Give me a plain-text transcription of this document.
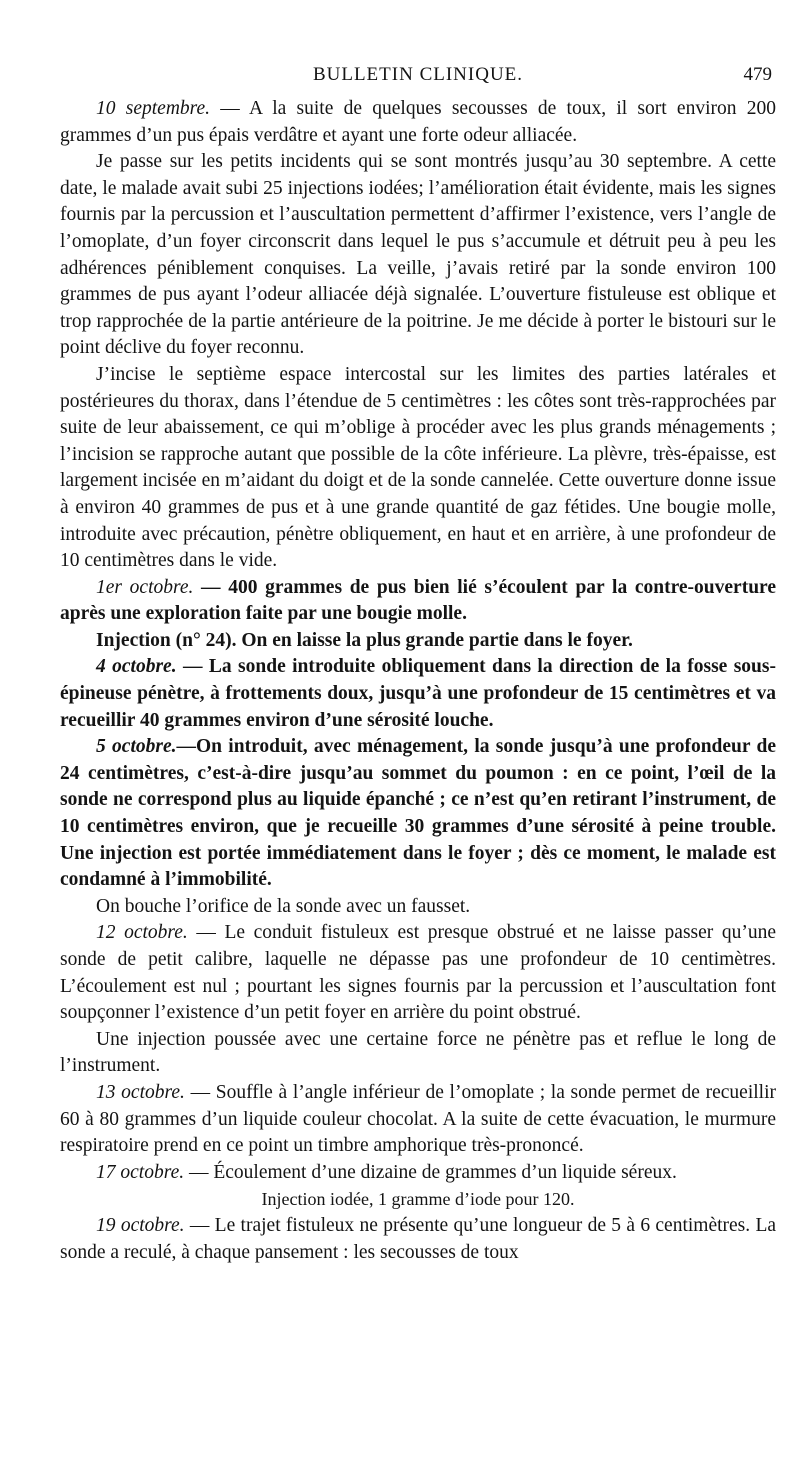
BULLETIN CLINIQUE.	479

10 septembre. — A la suite de quelques secousses de toux, il sort environ 200 grammes d’un pus épais verdâtre et ayant une forte odeur alliacée.

Je passe sur les petits incidents qui se sont montrés jusqu’au 30 septembre. A cette date, le malade avait subi 25 injections iodées; l’amélioration était évidente, mais les signes fournis par la percussion et l’auscultation permettent d’affirmer l’existence, vers l’angle de l’omoplate, d’un foyer circonscrit dans lequel le pus s’accumule et détruit peu à peu les adhérences péniblement conquises. La veille, j’avais retiré par la sonde environ 100 grammes de pus ayant l’odeur alliacée déjà signalée. L’ouverture fistuleuse est oblique et trop rapprochée de la partie antérieure de la poitrine. Je me décide à porter le bistouri sur le point déclive du foyer reconnu.

J’incise le septième espace intercostal sur les limites des parties latérales et postérieures du thorax, dans l’étendue de 5 centimètres : les côtes sont très-rapprochées par suite de leur abaissement, ce qui m’oblige à procéder avec les plus grands ménagements ; l’incision se rapproche autant que possible de la côte inférieure. La plèvre, très-épaisse, est largement incisée en m’aidant du doigt et de la sonde cannelée. Cette ouverture donne issue à environ 40 grammes de pus et à une grande quantité de gaz fétides. Une bougie molle, introduite avec précaution, pénètre obliquement, en haut et en arrière, à une profondeur de 10 centimètres dans le vide.

1er octobre. — 400 grammes de pus bien lié s’écoulent par la contre-ouverture après une exploration faite par une bougie molle.

Injection (n° 24). On en laisse la plus grande partie dans le foyer.

4 octobre. — La sonde introduite obliquement dans la direction de la fosse sous-épineuse pénètre, à frottements doux, jusqu’à une profondeur de 15 centimètres et va recueillir 40 grammes environ d’une sérosité louche.

5 octobre.—On introduit, avec ménagement, la sonde jusqu’à une profondeur de 24 centimètres, c’est-à-dire jusqu’au sommet du poumon : en ce point, l’œil de la sonde ne correspond plus au liquide épanché ; ce n’est qu’en retirant l’instrument, de 10 centimètres environ, que je recueille 30 grammes d’une sérosité à peine trouble. Une injection est portée immédiatement dans le foyer ; dès ce moment, le malade est condamné à l’immobilité.

On bouche l’orifice de la sonde avec un fausset.

12 octobre. — Le conduit fistuleux est presque obstrué et ne laisse passer qu’une sonde de petit calibre, laquelle ne dépasse pas une profondeur de 10 centimètres. L’écoulement est nul ; pourtant les signes fournis par la percussion et l’auscultation font soupçonner l’existence d’un petit foyer en arrière du point obstrué.

Une injection poussée avec une certaine force ne pénètre pas et reflue le long de l’instrument.

13 octobre. — Souffle à l’angle inférieur de l’omoplate ; la sonde permet de recueillir 60 à 80 grammes d’un liquide couleur chocolat. A la suite de cette évacuation, le murmure respiratoire prend en ce point un timbre amphorique très-prononcé.

17 octobre. — Écoulement d’une dizaine de grammes d’un liquide séreux.

Injection iodée, 1 gramme d’iode pour 120.

19 octobre. — Le trajet fistuleux ne présente qu’une longueur de 5 à 6 centimètres. La sonde a reculé, à chaque pansement : les secousses de toux
